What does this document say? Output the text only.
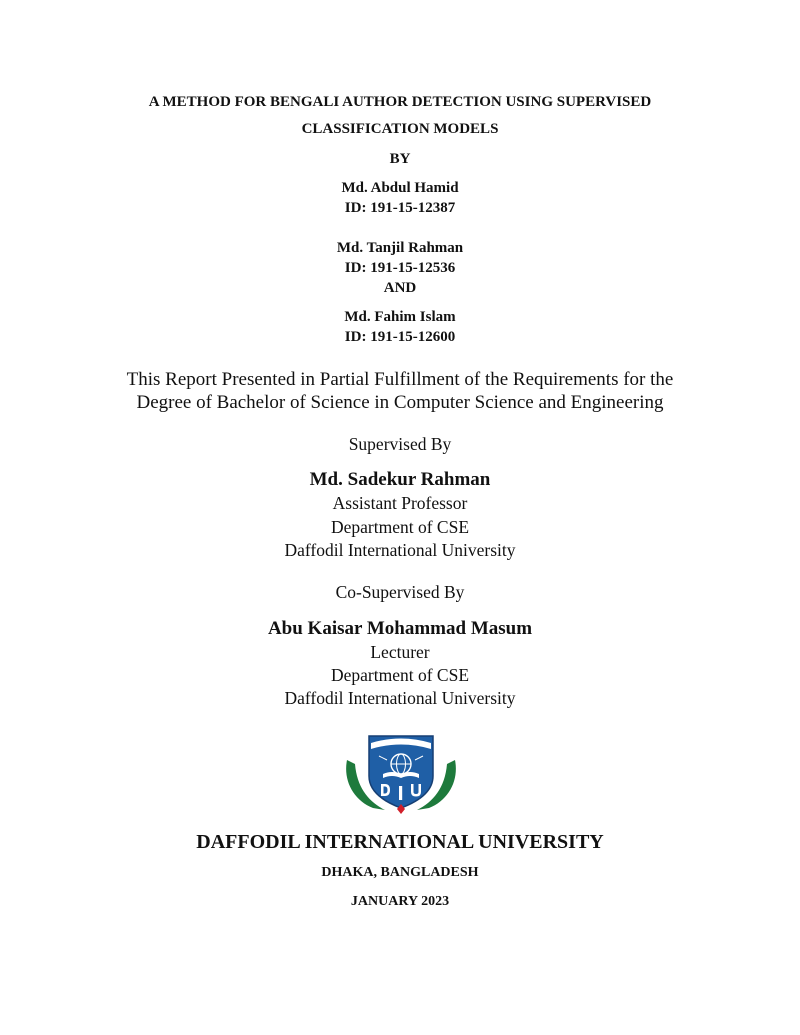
A METHOD FOR BENGALI AUTHOR DETECTION USING SUPERVISED
CLASSIFICATION MODELS
BY
Md. Abdul Hamid
ID: 191-15-12387
Md. Tanjil Rahman
ID: 191-15-12536
AND
Md. Fahim Islam
ID: 191-15-12600
This Report Presented in Partial Fulfillment of the Requirements for the
Degree of Bachelor of Science in Computer Science and Engineering
Supervised By
Md. Sadekur Rahman
Assistant Professor
Department of CSE
Daffodil International University
Co-Supervised By
Abu Kaisar Mohammad Masum
Lecturer
Department of CSE
Daffodil International University
DAFFODIL INTERNATIONAL UNIVERSITY
DHAKA, BANGLADESH
JANUARY 2023
